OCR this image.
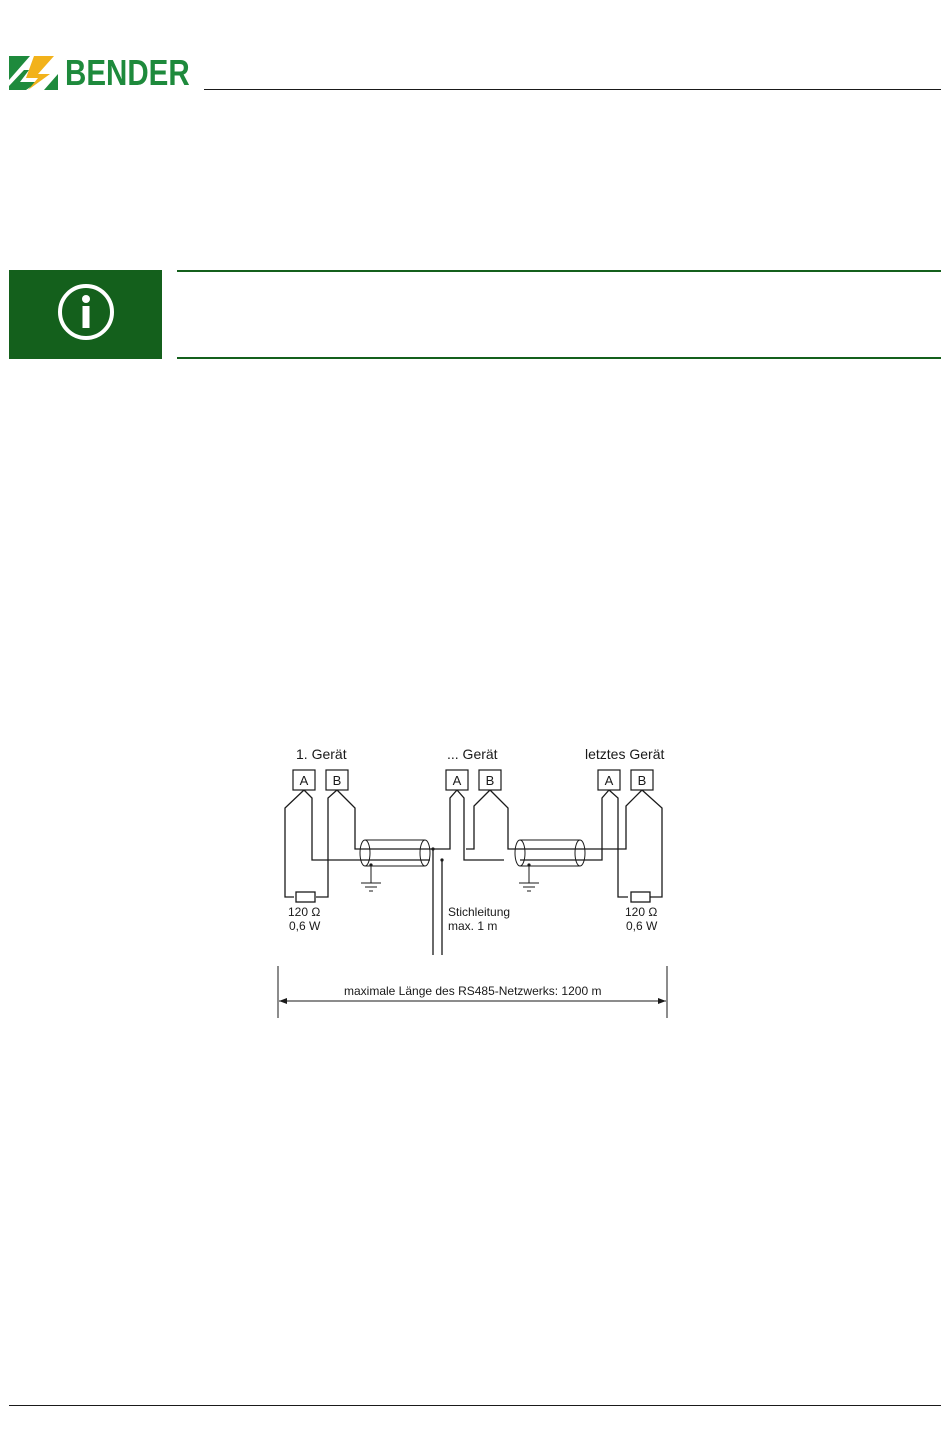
BENDER
1. Gerät	... Gerät	letztes Gerät
A B	A B	A B
120 Ω
0,6 W
Stichleitung
max. 1 m
120 Ω
0,6 W
maximale Länge des RS485-Netzwerks: 1200 m
